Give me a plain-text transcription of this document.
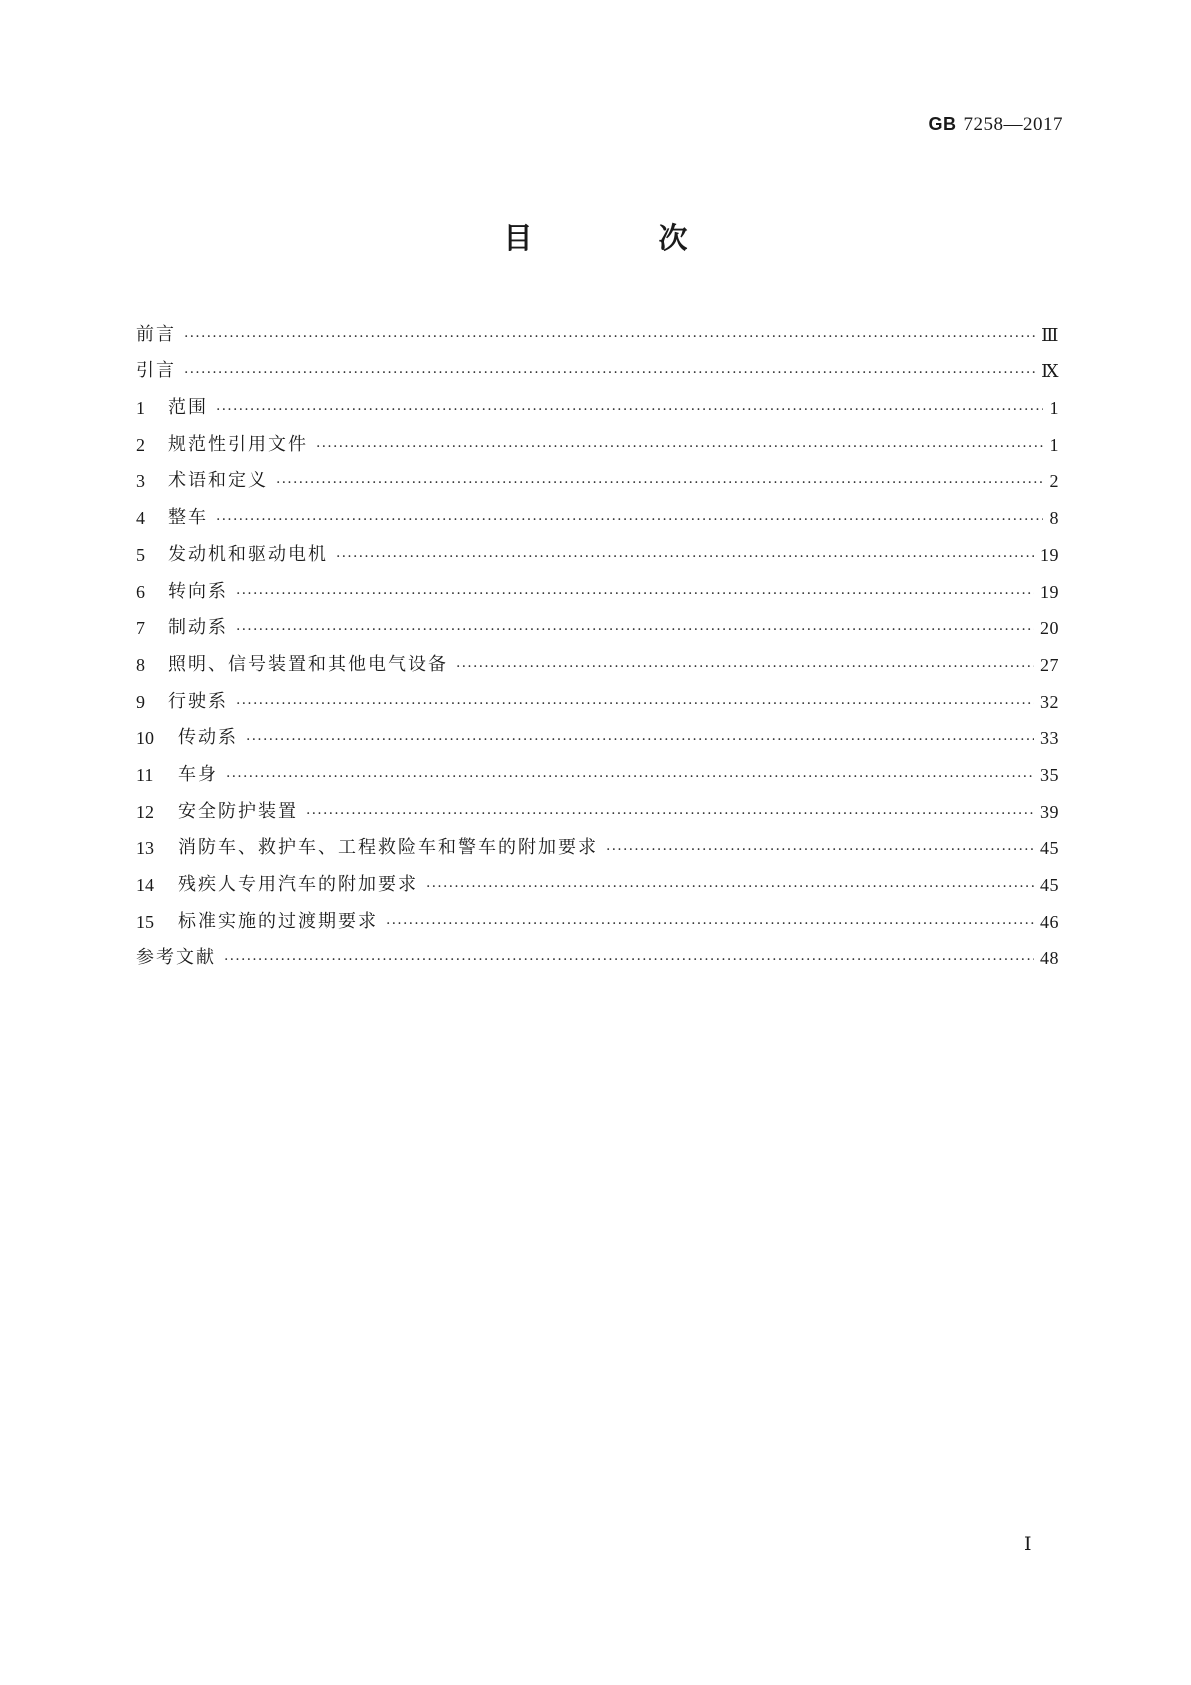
GB 7258—2017
目 次
前言 ·····	Ⅲ
引言 ·····	Ⅸ
1	范围 ·····	1
2	规范性引用文件 ·····	1
3	术语和定义 ·····	2
4	整车 ·····	8
5	发动机和驱动电机 ·····	19
6	转向系 ·····	19
7	制动系 ·····	20
8	照明、信号装置和其他电气设备 ·····	27
9	行驶系 ·····	32
10	传动系 ·····	33
11	车身 ·····	35
12	安全防护装置 ·····	39
13	消防车、救护车、工程救险车和警车的附加要求 ·····	45
14	残疾人专用汽车的附加要求 ·····	45
15	标准实施的过渡期要求 ·····	46
参考文献 ·····	48
Ⅰ
